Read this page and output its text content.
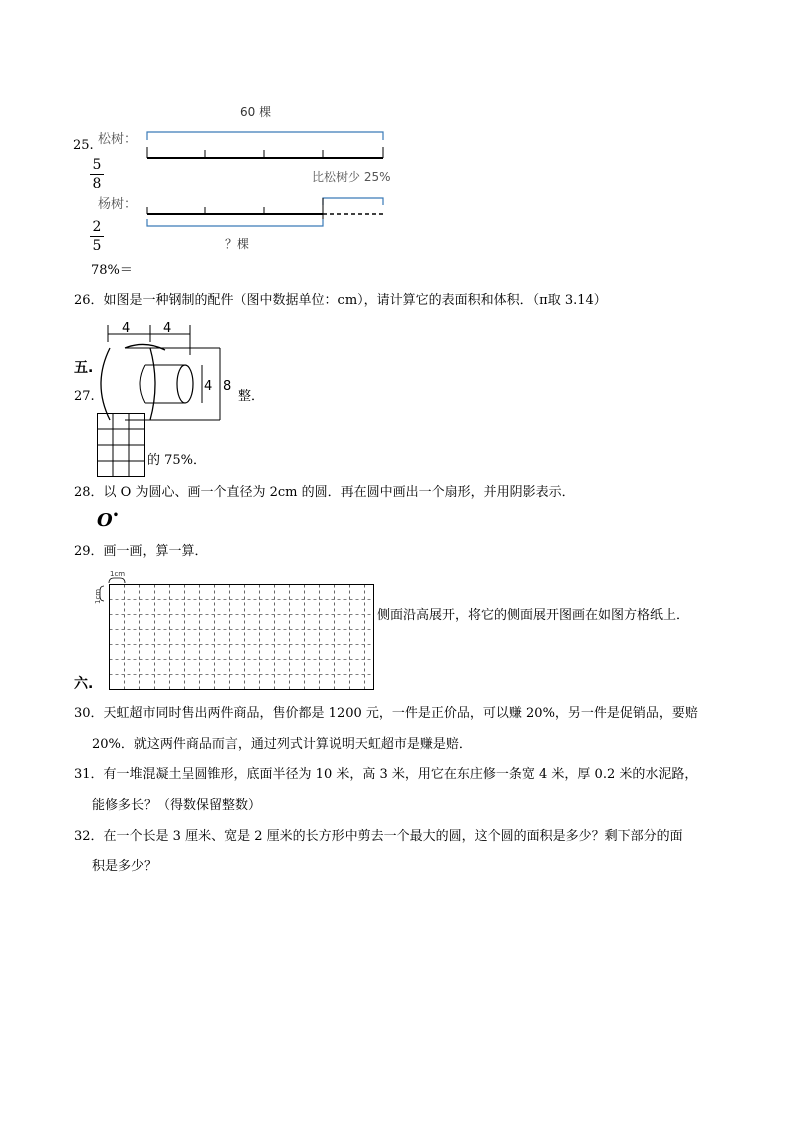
25.
60 棵
松树：
比松树少 25%
杨树：
？棵
5
8
2
5
78%＝
26．如图是一种钢制的配件（图中数据单位：cm），请计算它的表面积和体积．（π取 3.14）
4	4
4 8
五.
27.	整．
的 75%．
28．以 O 为圆心、画一个直径为 2cm 的圆．再在圆中画出一个扇形，并用阴影表示．
O•
29．画一画，算一算．
1cm
1cm
侧面沿高展开，将它的侧面展开图画在如图方格纸上．
六.
30．天虹超市同时售出两件商品，售价都是 1200 元，一件是正价品，可以赚 20%，另一件是促销品，要赔
20%．就这两件商品而言，通过列式计算说明天虹超市是赚是赔．
31．有一堆混凝土呈圆锥形，底面半径为 10 米，高 3 米，用它在东庄修一条宽 4 米，厚 0.2 米的水泥路，
能修多长？（得数保留整数）
32．在一个长是 3 厘米、宽是 2 厘米的长方形中剪去一个最大的圆，这个圆的面积是多少？剩下部分的面
积是多少？
